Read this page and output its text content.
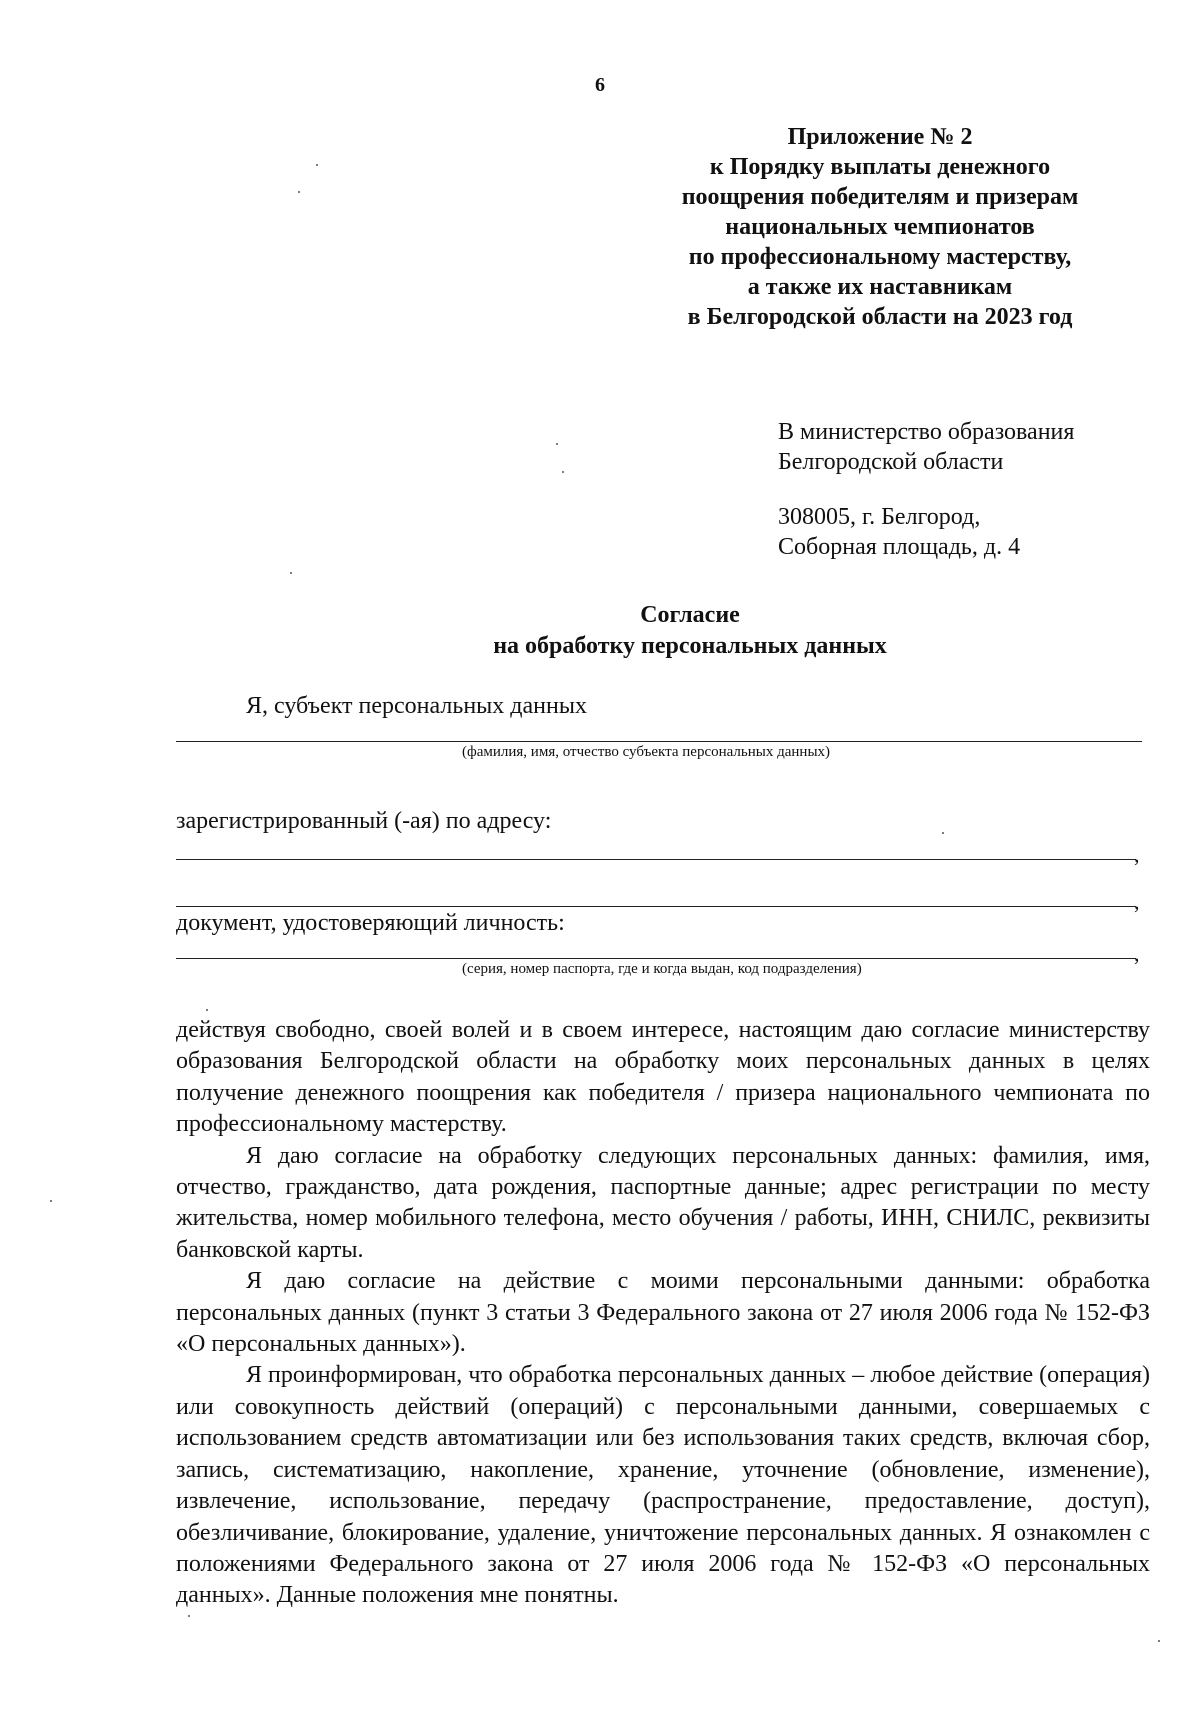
6
Приложение № 2
к Порядку выплаты денежного
поощрения победителям и призерам
национальных чемпионатов
по профессиональному мастерству,
а также их наставникам
в Белгородской области на 2023 год
В министерство образования
Белгородской области
308005, г. Белгород,
Соборная площадь, д. 4
Согласие
на обработку персональных данных
Я, субъект персональных данных
(фамилия, имя, отчество субъекта персональных данных)
зарегистрированный (-ая) по адресу:
,
,
документ, удостоверяющий личность:
,
(серия, номер паспорта, где и когда выдан, код подразделения)

действуя свободно, своей волей и в своем интересе, настоящим даю согласие министерству образования Белгородской области на обработку моих персональных данных в целях получение денежного поощрения как победителя / призера национального чемпионата по профессиональному мастерству.

Я даю согласие на обработку следующих персональных данных: фамилия, имя, отчество, гражданство, дата рождения, паспортные данные; адрес регистрации по месту жительства, номер мобильного телефона, место обучения / работы, ИНН, СНИЛС, реквизиты банковской карты.

Я даю согласие на действие с моими персональными данными: обработка персональных данных (пункт 3 статьи 3 Федерального закона от 27 июля 2006 года № 152-ФЗ «О персональных данных»).

Я проинформирован, что обработка персональных данных – любое действие (операция) или совокупность действий (операций) с персональными данными, совершаемых с использованием средств автоматизации или без использования таких средств, включая сбор, запись, систематизацию, накопление, хранение, уточнение (обновление, изменение), извлечение, использование, передачу (распространение, предоставление, доступ), обезличивание, блокирование, удаление, уничтожение персональных данных. Я ознакомлен с положениями Федерального закона от 27 июля 2006 года № 152-ФЗ «О персональных данных». Данные положения мне понятны.
